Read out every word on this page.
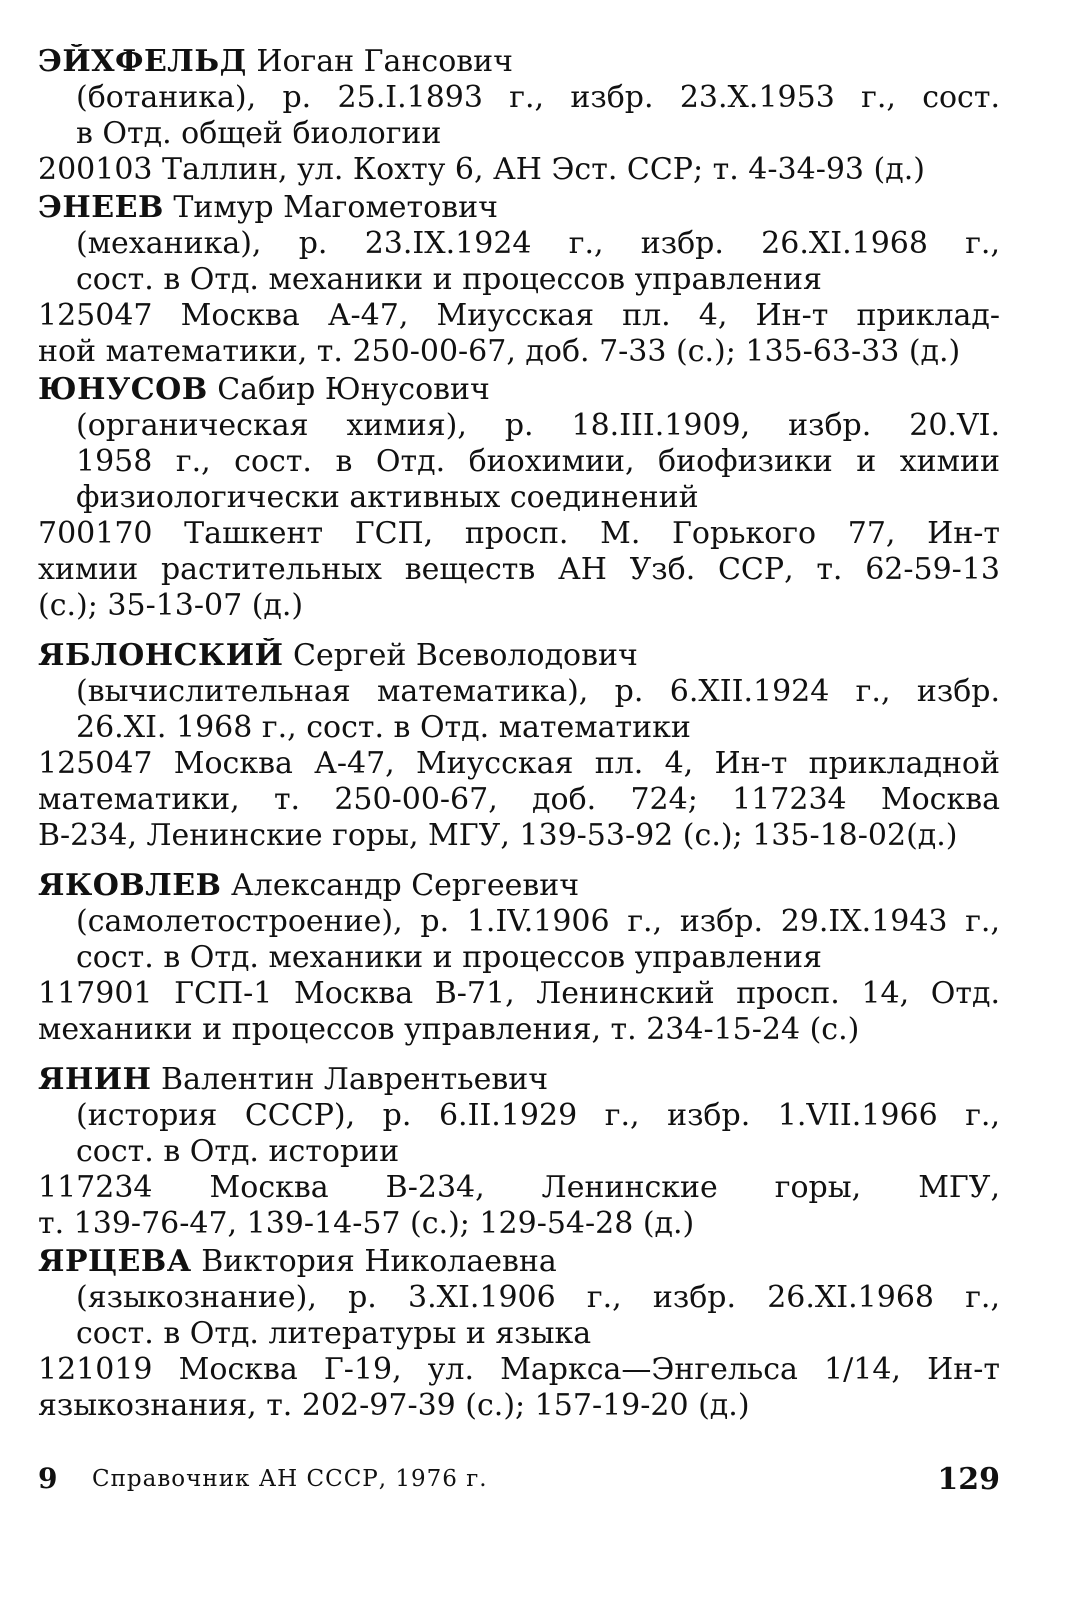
ЭЙХФЕЛЬД Иоган Гансович
(ботаника), р. 25.I.1893 г., избр. 23.X.1953 г., сост.
в Отд. общей биологии
200103 Таллин, ул. Кохту 6, АН Эст. ССР; т. 4-34-93 (д.)
ЭНЕЕВ Тимур Магометович
(механика), р. 23.IX.1924 г., избр. 26.XI.1968 г.,
сост. в Отд. механики и процессов управления
125047 Москва А-47, Миусская пл. 4, Ин-т приклад-
ной математики, т. 250-00-67, доб. 7-33 (с.); 135-63-33 (д.)
ЮНУСОВ Сабир Юнусович
(органическая химия), р. 18.III.1909, избр. 20.VI.
1958 г., сост. в Отд. биохимии, биофизики и химии
физиологически активных соединений
700170 Ташкент ГСП, просп. М. Горького 77, Ин-т
химии растительных веществ АН Узб. ССР, т. 62-59-13
(с.); 35-13-07 (д.)
ЯБЛОНСКИЙ Сергей Всеволодович
(вычислительная математика), р. 6.XII.1924 г., избр.
26.XI. 1968 г., сост. в Отд. математики
125047 Москва А-47, Миусская пл. 4, Ин-т прикладной
математики, т. 250-00-67, доб. 724; 117234 Москва
В-234, Ленинские горы, МГУ, 139-53-92 (с.); 135-18-02(д.)
ЯКОВЛЕВ Александр Сергеевич
(самолетостроение), р. 1.IV.1906 г., избр. 29.IX.1943 г.,
сост. в Отд. механики и процессов управления
117901 ГСП-1 Москва В-71, Ленинский просп. 14, Отд.
механики и процессов управления, т. 234-15-24 (с.)
ЯНИН Валентин Лаврентьевич
(история СССР), р. 6.II.1929 г., избр. 1.VII.1966 г.,
сост. в Отд. истории
117234 Москва В-234, Ленинские горы, МГУ,
т. 139-76-47, 139-14-57 (с.); 129-54-28 (д.)
ЯРЦЕВА Виктория Николаевна
(языкознание), р. 3.XI.1906 г., избр. 26.XI.1968 г.,
сост. в Отд. литературы и языка
121019 Москва Г-19, ул. Маркса—Энгельса 1/14, Ин-т
языкознания, т. 202-97-39 (с.); 157-19-20 (д.)
9 Справочник АН СССР, 1976 г.	129
